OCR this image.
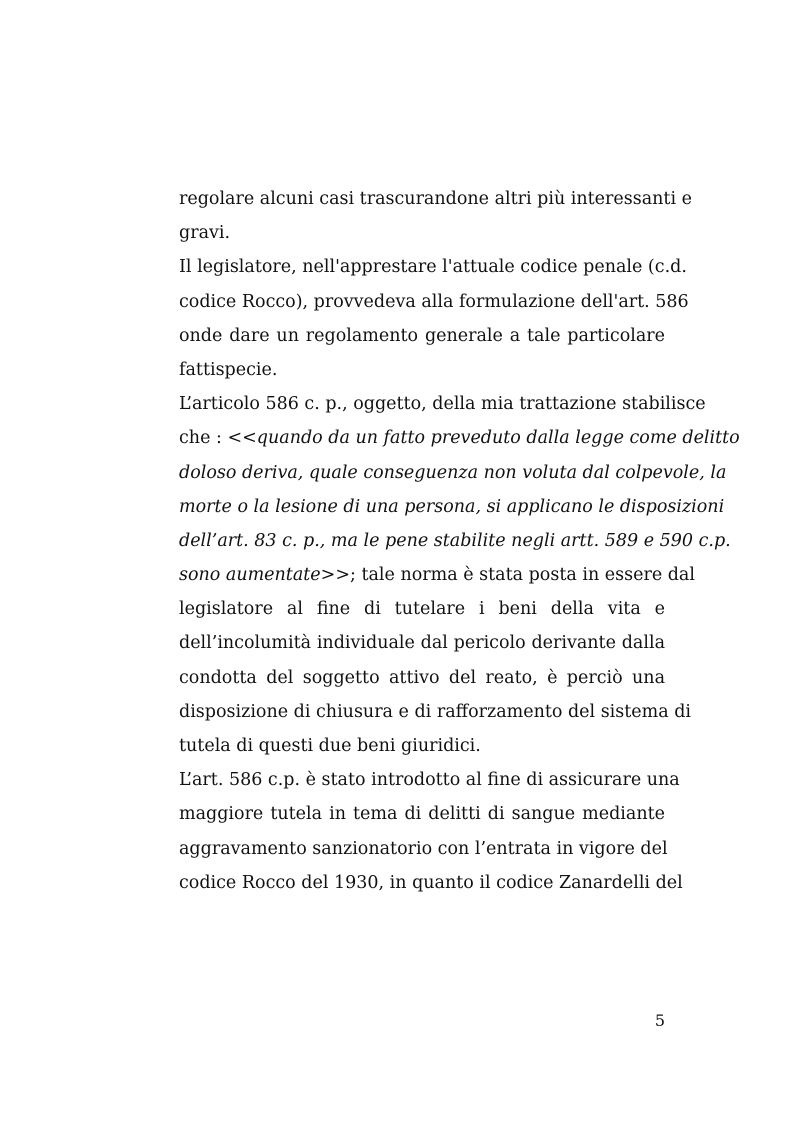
regolare alcuni casi trascurandone altri più interessanti e
gravi.
Il legislatore, nell'apprestare l'attuale codice penale (c.d.
codice Rocco), provvedeva alla formulazione dell'art. 586
onde dare un regolamento generale a tale particolare
fattispecie.
L’articolo 586 c. p., oggetto, della mia trattazione stabilisce
che : <<quando da un fatto preveduto dalla legge come delitto
doloso deriva, quale conseguenza non voluta dal colpevole, la
morte o la lesione di una persona, si applicano le disposizioni
dell’art. 83 c. p., ma le pene stabilite negli artt. 589 e 590 c.p.
sono aumentate>>; tale norma è stata posta in essere dal
legislatore al fine di tutelare i beni della vita e
dell’incolumità individuale dal pericolo derivante dalla
condotta del soggetto attivo del reato, è perciò una
disposizione di chiusura e di rafforzamento del sistema di
tutela di questi due beni giuridici.
L’art. 586 c.p. è stato introdotto al fine di assicurare una
maggiore tutela in tema di delitti di sangue mediante
aggravamento sanzionatorio con l’entrata in vigore del
codice Rocco del 1930, in quanto il codice Zanardelli del
5
